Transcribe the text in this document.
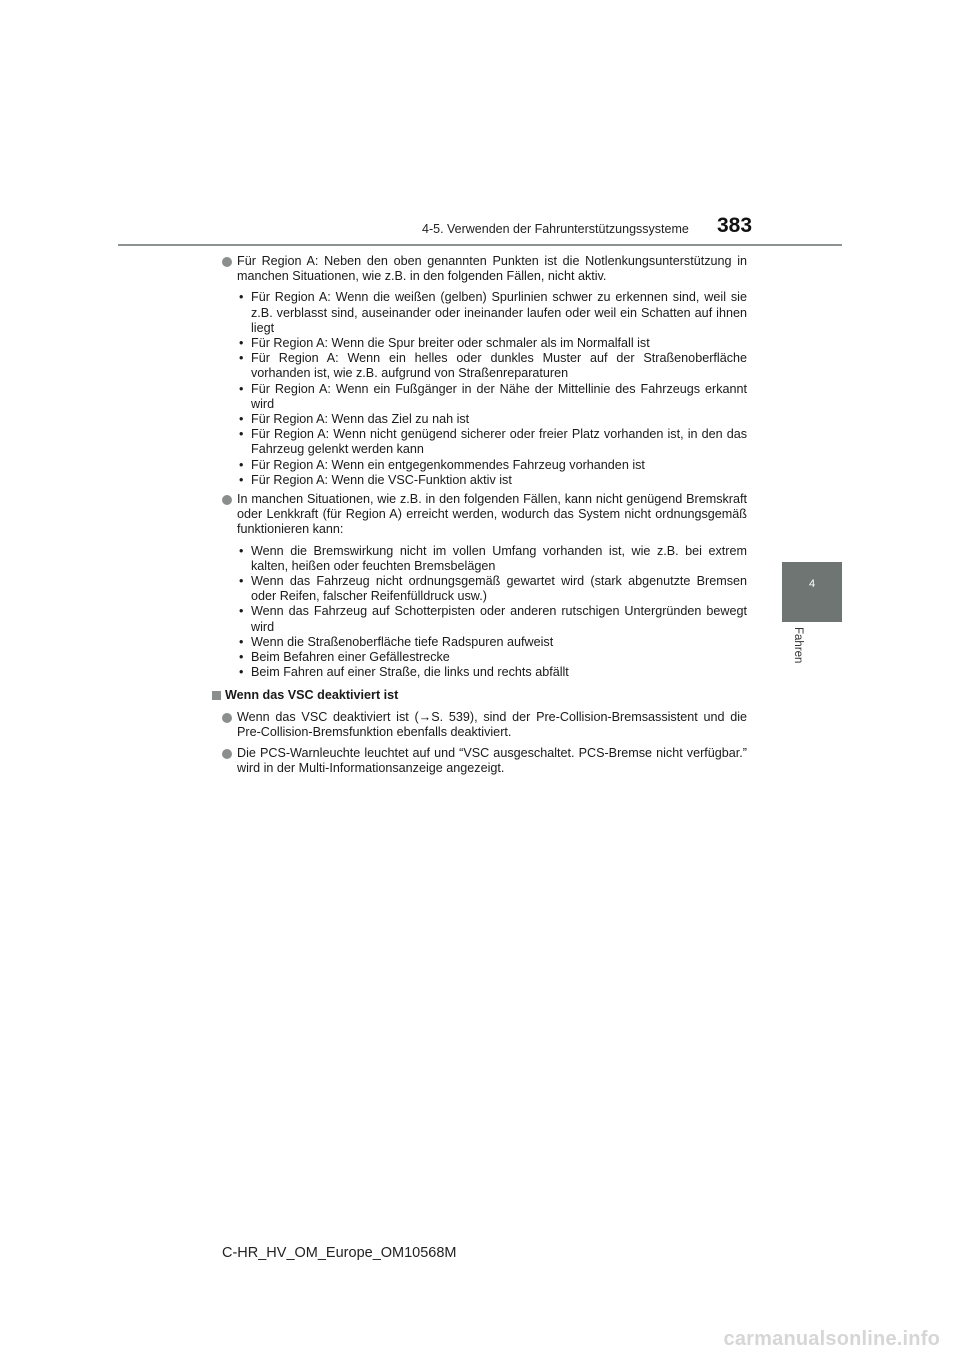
4-5. Verwenden der Fahrunterstützungssysteme 383
4
Fahren
Für Region A: Neben den oben genannten Punkten ist die Notlenkungsunterstützung in manchen Situationen, wie z.B. in den folgenden Fällen, nicht aktiv.
• Für Region A: Wenn die weißen (gelben) Spurlinien schwer zu erkennen sind, weil sie z.B. verblasst sind, auseinander oder ineinander laufen oder weil ein Schatten auf ihnen liegt
• Für Region A: Wenn die Spur breiter oder schmaler als im Normalfall ist
• Für Region A: Wenn ein helles oder dunkles Muster auf der Straßenoberfläche vorhanden ist, wie z.B. aufgrund von Straßenreparaturen
• Für Region A: Wenn ein Fußgänger in der Nähe der Mittellinie des Fahrzeugs erkannt wird
• Für Region A: Wenn das Ziel zu nah ist
• Für Region A: Wenn nicht genügend sicherer oder freier Platz vorhanden ist, in den das Fahrzeug gelenkt werden kann
• Für Region A: Wenn ein entgegenkommendes Fahrzeug vorhanden ist
• Für Region A: Wenn die VSC-Funktion aktiv ist
In manchen Situationen, wie z.B. in den folgenden Fällen, kann nicht genügend Bremskraft oder Lenkkraft (für Region A) erreicht werden, wodurch das System nicht ordnungsgemäß funktionieren kann:
• Wenn die Bremswirkung nicht im vollen Umfang vorhanden ist, wie z.B. bei extrem kalten, heißen oder feuchten Bremsbelägen
• Wenn das Fahrzeug nicht ordnungsgemäß gewartet wird (stark abgenutzte Bremsen oder Reifen, falscher Reifenfülldruck usw.)
• Wenn das Fahrzeug auf Schotterpisten oder anderen rutschigen Untergründen bewegt wird
• Wenn die Straßenoberfläche tiefe Radspuren aufweist
• Beim Befahren einer Gefällestrecke
• Beim Fahren auf einer Straße, die links und rechts abfällt
Wenn das VSC deaktiviert ist
Wenn das VSC deaktiviert ist (→S. 539), sind der Pre-Collision-Bremsassistent und die Pre-Collision-Bremsfunktion ebenfalls deaktiviert.
Die PCS-Warnleuchte leuchtet auf und “VSC ausgeschaltet. PCS-Bremse nicht verfügbar.” wird in der Multi-Informationsanzeige angezeigt.
C-HR_HV_OM_Europe_OM10568M
carmanualsonline.info
